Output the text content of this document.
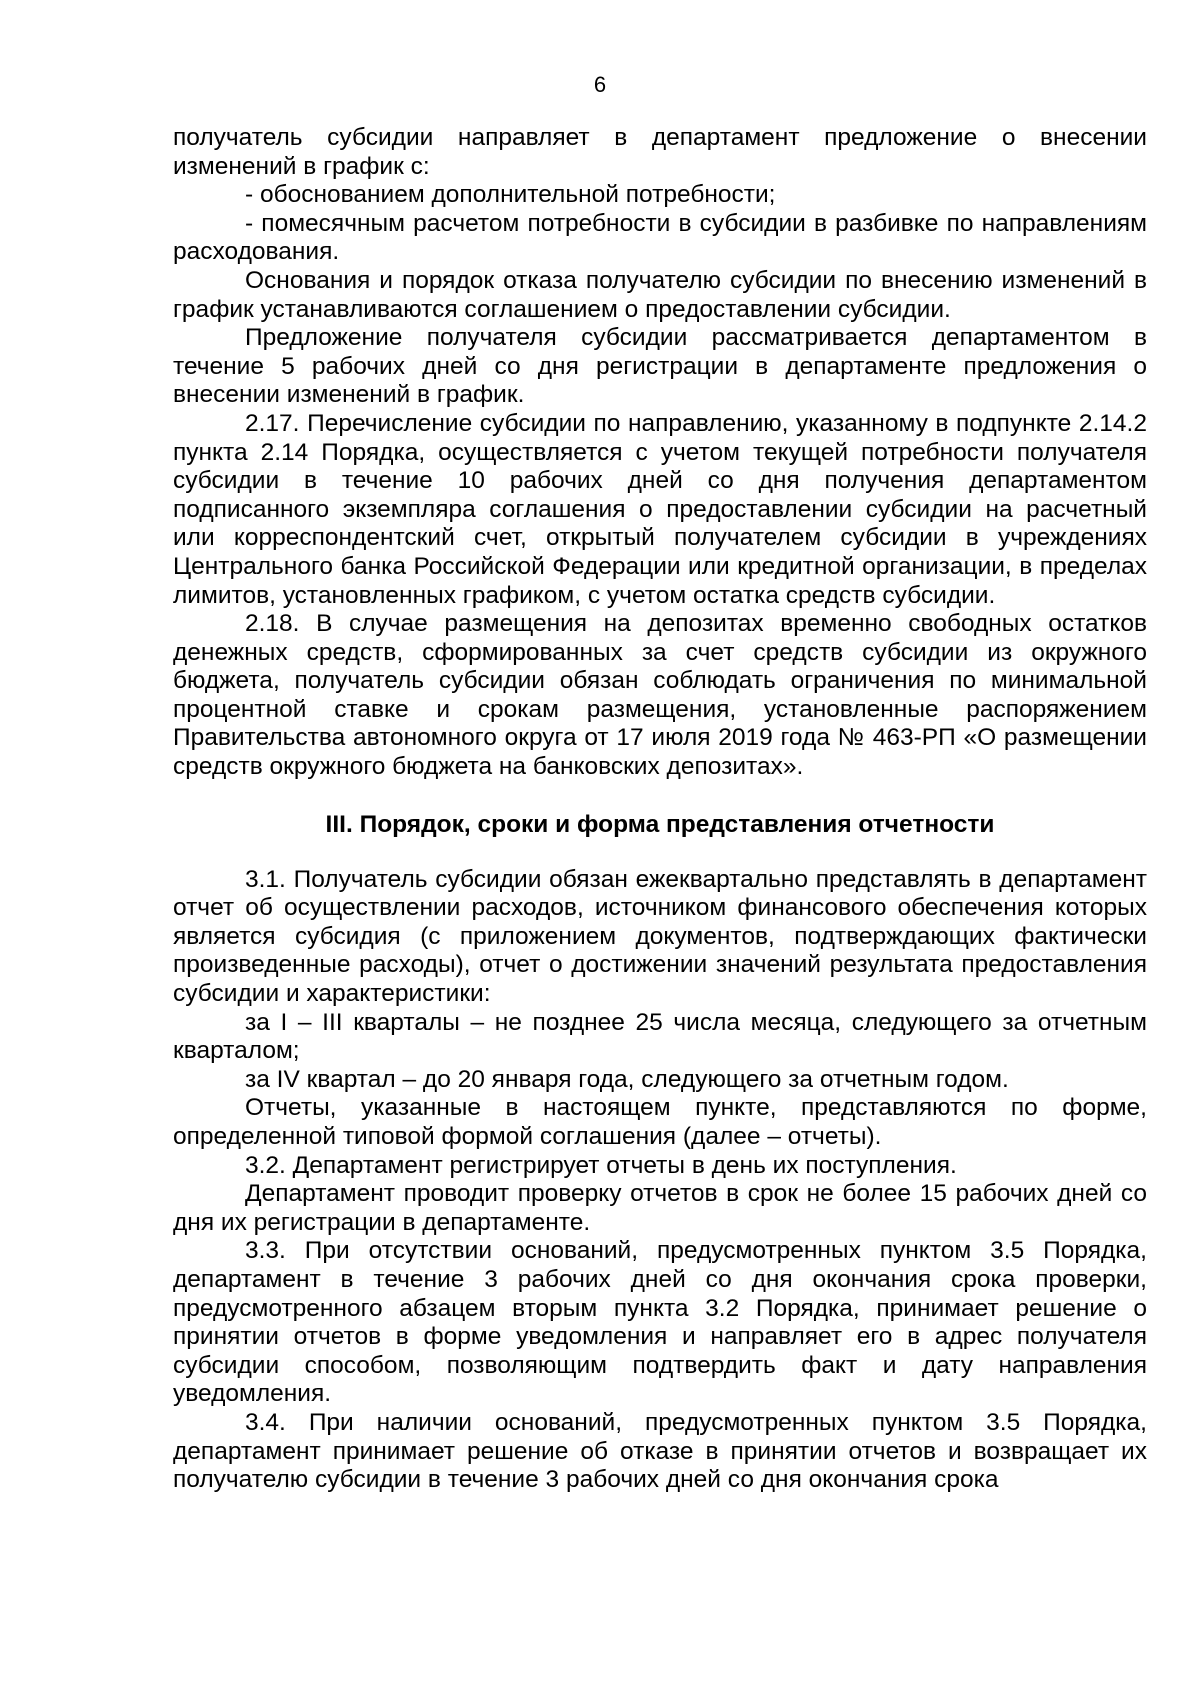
6

получатель субсидии направляет в департамент предложение о внесении изменений в график с:

- обоснованием дополнительной потребности;

- помесячным расчетом потребности в субсидии в разбивке по направлениям расходования.

Основания и порядок отказа получателю субсидии по внесению изменений в график устанавливаются соглашением о предоставлении субсидии.

Предложение получателя субсидии рассматривается департаментом в течение 5 рабочих дней со дня регистрации в департаменте предложения о внесении изменений в график.

2.17. Перечисление субсидии по направлению, указанному в подпункте 2.14.2 пункта 2.14 Порядка, осуществляется с учетом текущей потребности получателя субсидии в течение 10 рабочих дней со дня получения департаментом подписанного экземпляра соглашения о предоставлении субсидии на расчетный или корреспондентский счет, открытый получателем субсидии в учреждениях Центрального банка Российской Федерации или кредитной организации, в пределах лимитов, установленных графиком, с учетом остатка средств субсидии.

2.18. В случае размещения на депозитах временно свободных остатков денежных средств, сформированных за счет средств субсидии из окружного бюджета, получатель субсидии обязан соблюдать ограничения по минимальной процентной ставке и срокам размещения, установленные распоряжением Правительства автономного округа от 17 июля 2019 года № 463-РП «О размещении средств окружного бюджета на банковских депозитах».

III. Порядок, сроки и форма представления отчетности

3.1. Получатель субсидии обязан ежеквартально представлять в департамент отчет об осуществлении расходов, источником финансового обеспечения которых является субсидия (с приложением документов, подтверждающих фактически произведенные расходы), отчет о достижении значений результата предоставления субсидии и характеристики:

за I – III кварталы – не позднее 25 числа месяца, следующего за отчетным кварталом;

за IV квартал – до 20 января года, следующего за отчетным годом.

Отчеты, указанные в настоящем пункте, представляются по форме, определенной типовой формой соглашения (далее – отчеты).

3.2. Департамент регистрирует отчеты в день их поступления.

Департамент проводит проверку отчетов в срок не более 15 рабочих дней со дня их регистрации в департаменте.

3.3. При отсутствии оснований, предусмотренных пунктом 3.5 Порядка, департамент в течение 3 рабочих дней со дня окончания срока проверки, предусмотренного абзацем вторым пункта 3.2 Порядка, принимает решение о принятии отчетов в форме уведомления и направляет его в адрес получателя субсидии способом, позволяющим подтвердить факт и дату направления уведомления.

3.4. При наличии оснований, предусмотренных пунктом 3.5 Порядка, департамент принимает решение об отказе в принятии отчетов и возвращает их получателю субсидии в течение 3 рабочих дней со дня окончания срока
